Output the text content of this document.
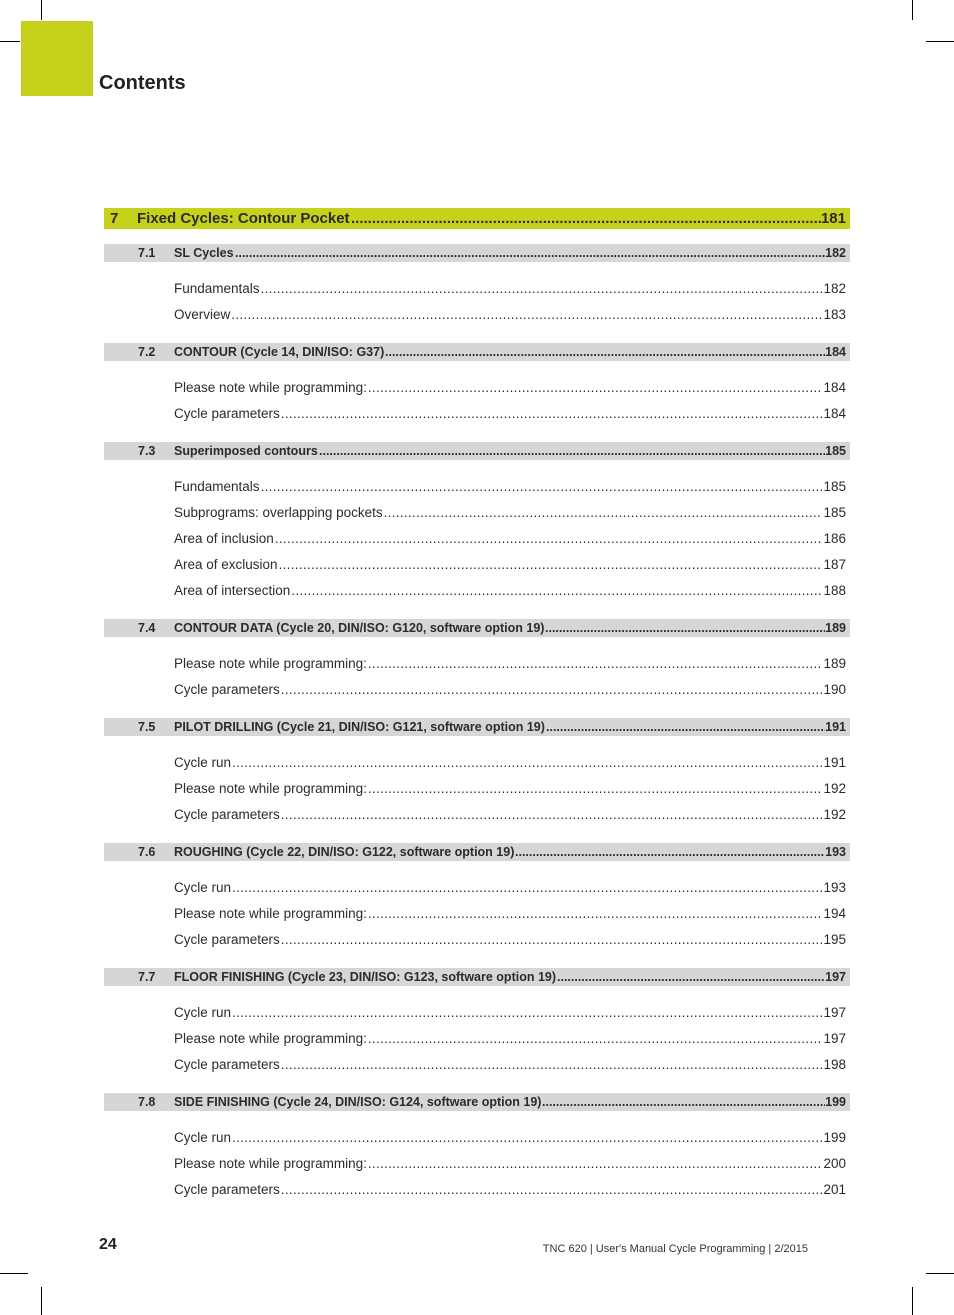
Contents
7 Fixed Cycles: Contour Pocket .....	181
7.1 SL Cycles .....	182
Fundamentals .....	182
Overview .....	183
7.2 CONTOUR (Cycle 14, DIN/ISO: G37) .....	184
Please note while programming: .....	184
Cycle parameters .....	184
7.3 Superimposed contours .....	185
Fundamentals .....	185
Subprograms: overlapping pockets .....	185
Area of inclusion .....	186
Area of exclusion .....	187
Area of intersection .....	188
7.4 CONTOUR DATA (Cycle 20, DIN/ISO: G120, software option 19) .....	189
Please note while programming: .....	189
Cycle parameters .....	190
7.5 PILOT DRILLING (Cycle 21, DIN/ISO: G121, software option 19) .....	191
Cycle run .....	191
Please note while programming: .....	192
Cycle parameters .....	192
7.6 ROUGHING (Cycle 22, DIN/ISO: G122, software option 19) .....	193
Cycle run .....	193
Please note while programming: .....	194
Cycle parameters .....	195
7.7 FLOOR FINISHING (Cycle 23, DIN/ISO: G123, software option 19) .....	197
Cycle run .....	197
Please note while programming: .....	197
Cycle parameters .....	198
7.8 SIDE FINISHING (Cycle 24, DIN/ISO: G124, software option 19) .....	199
Cycle run .....	199
Please note while programming: .....	200
Cycle parameters .....	201
24	TNC 620 | User's Manual Cycle Programming | 2/2015
